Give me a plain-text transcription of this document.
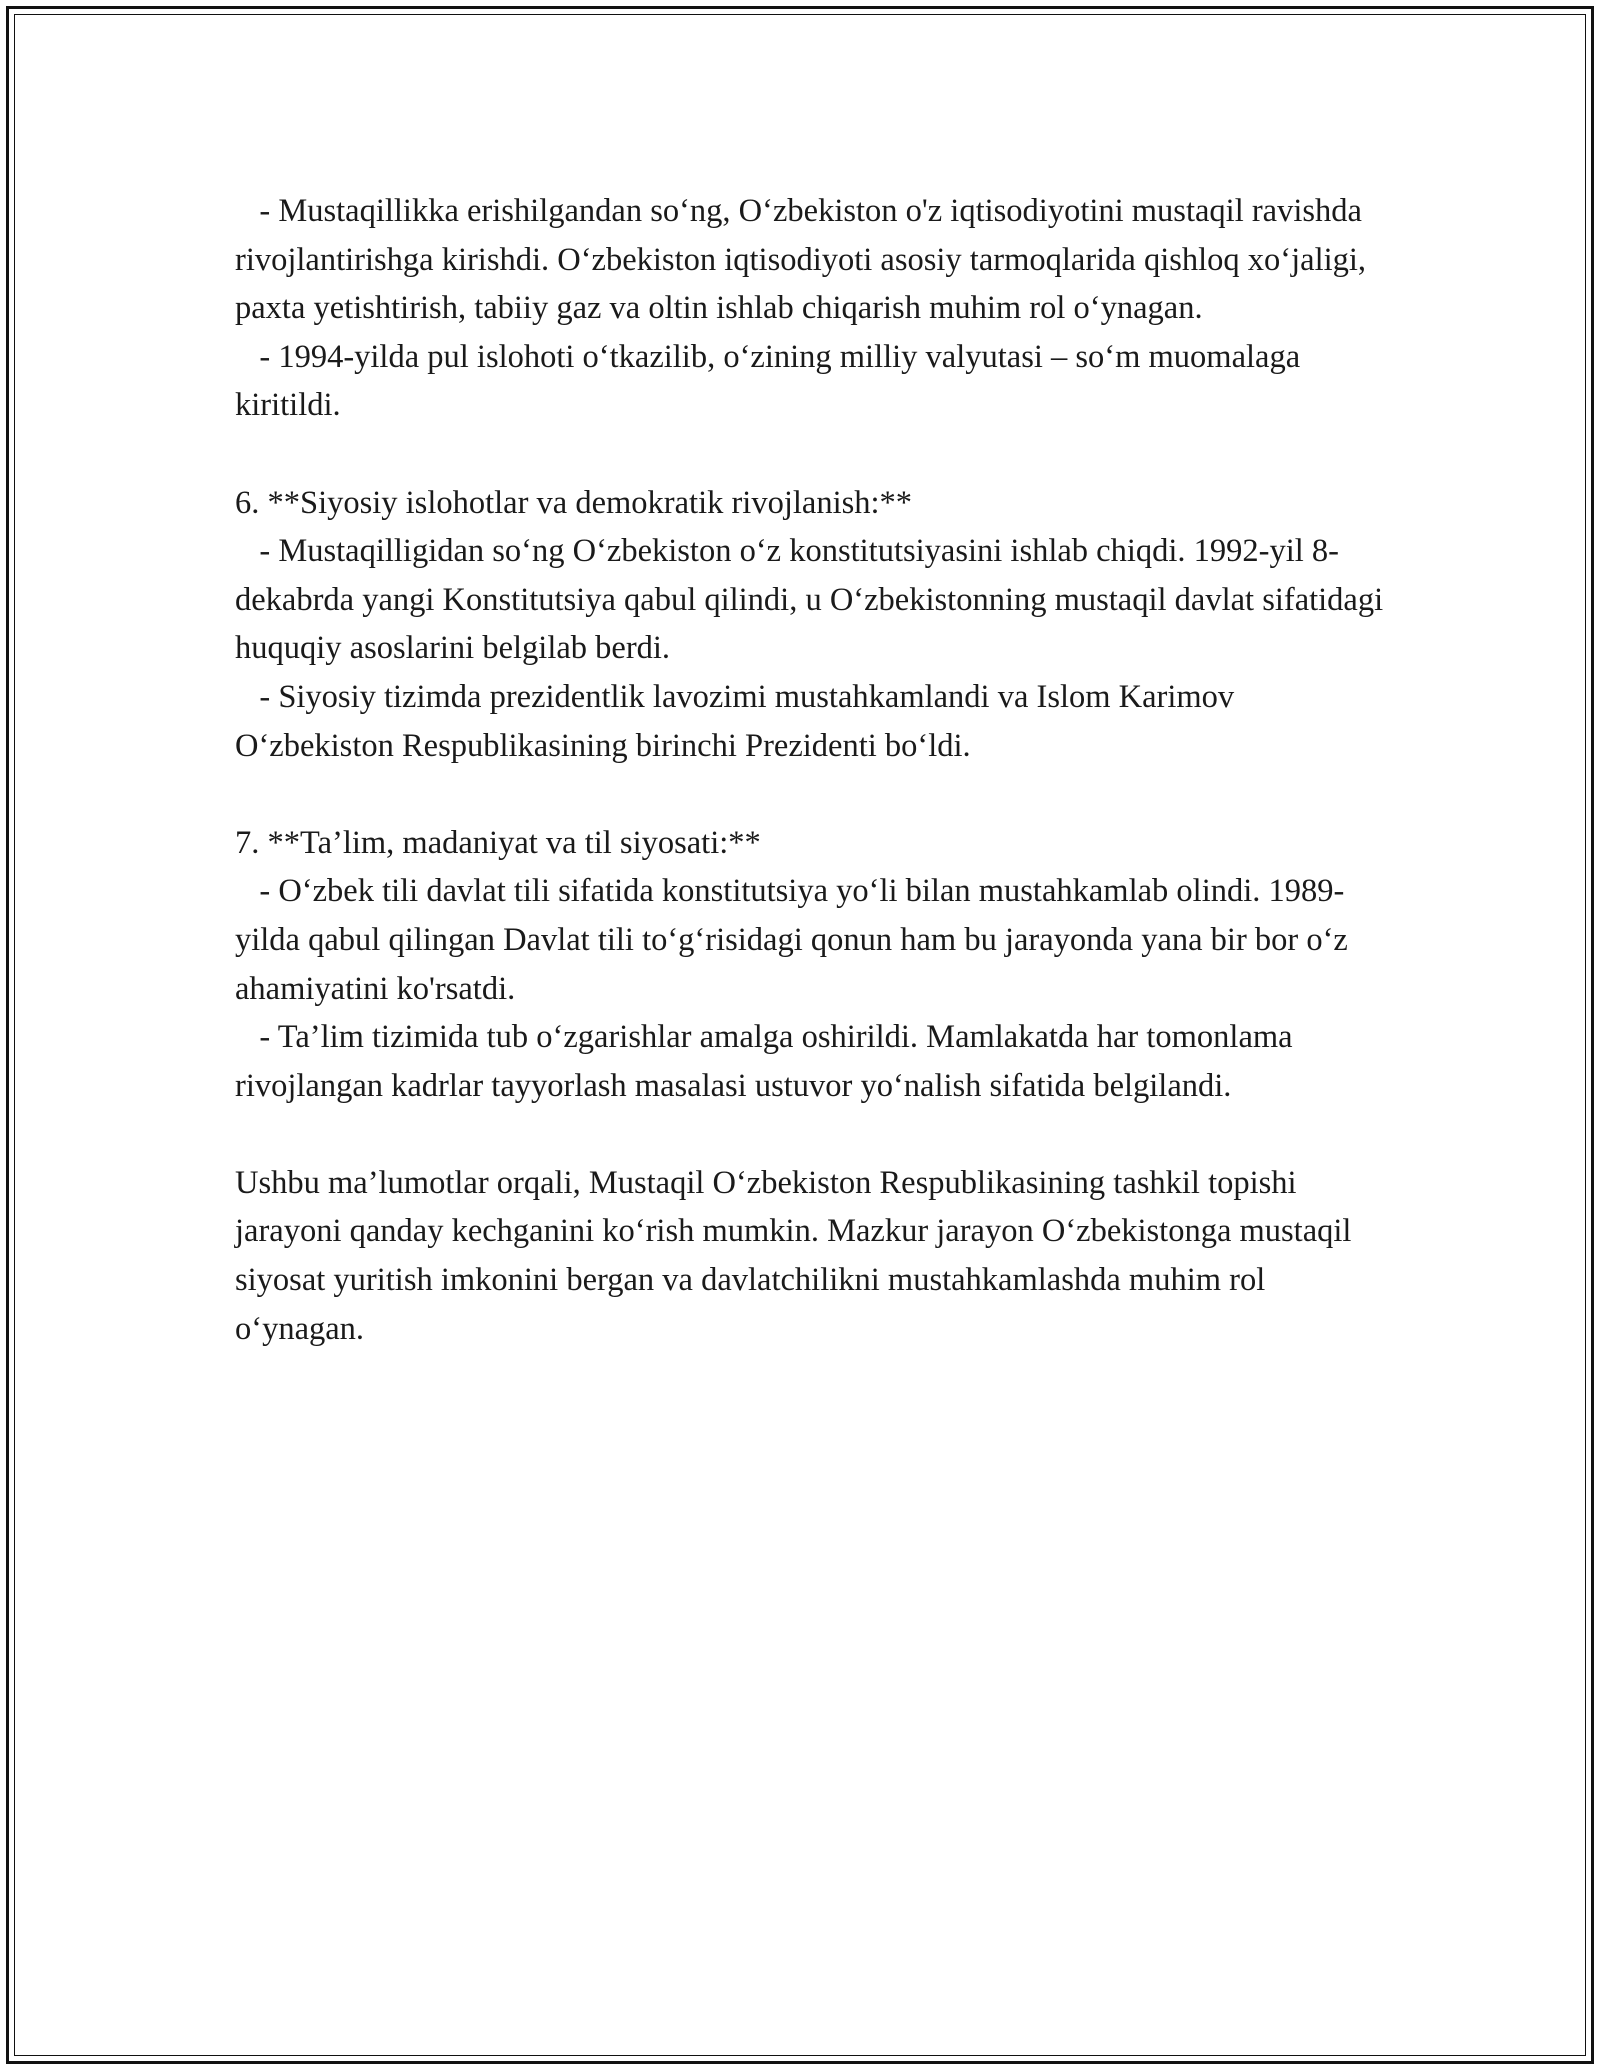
- Mustaqillikka erishilgandan so‘ng, O‘zbekiston o'z iqtisodiyotini mustaqil ravishda rivojlantirishga kirishdi. O‘zbekiston iqtisodiyoti asosiy tarmoqlarida qishloq xo‘jaligi, paxta yetishtirish, tabiiy gaz va oltin ishlab chiqarish muhim rol o‘ynagan.

- 1994-yilda pul islohoti o‘tkazilib, o‘zining milliy valyutasi – so‘m muomalaga kiritildi.

6. **Siyosiy islohotlar va demokratik rivojlanish:**

- Mustaqilligidan so‘ng O‘zbekiston o‘z konstitutsiyasini ishlab chiqdi. 1992-yil 8-dekabrda yangi Konstitutsiya qabul qilindi, u O‘zbekistonning mustaqil davlat sifatidagi huquqiy asoslarini belgilab berdi.

- Siyosiy tizimda prezidentlik lavozimi mustahkamlandi va Islom Karimov O‘zbekiston Respublikasining birinchi Prezidenti bo‘ldi.

7. **Ta’lim, madaniyat va til siyosati:**

- O‘zbek tili davlat tili sifatida konstitutsiya yo‘li bilan mustahkamlab olindi. 1989-yilda qabul qilingan Davlat tili to‘g‘risidagi qonun ham bu jarayonda yana bir bor o‘z ahamiyatini ko'rsatdi.

- Ta’lim tizimida tub o‘zgarishlar amalga oshirildi. Mamlakatda har tomonlama rivojlangan kadrlar tayyorlash masalasi ustuvor yo‘nalish sifatida belgilandi.

Ushbu ma’lumotlar orqali, Mustaqil O‘zbekiston Respublikasining tashkil topishi jarayoni qanday kechganini ko‘rish mumkin. Mazkur jarayon O‘zbekistonga mustaqil siyosat yuritish imkonini bergan va davlatchilikni mustahkamlashda muhim rol o‘ynagan.
